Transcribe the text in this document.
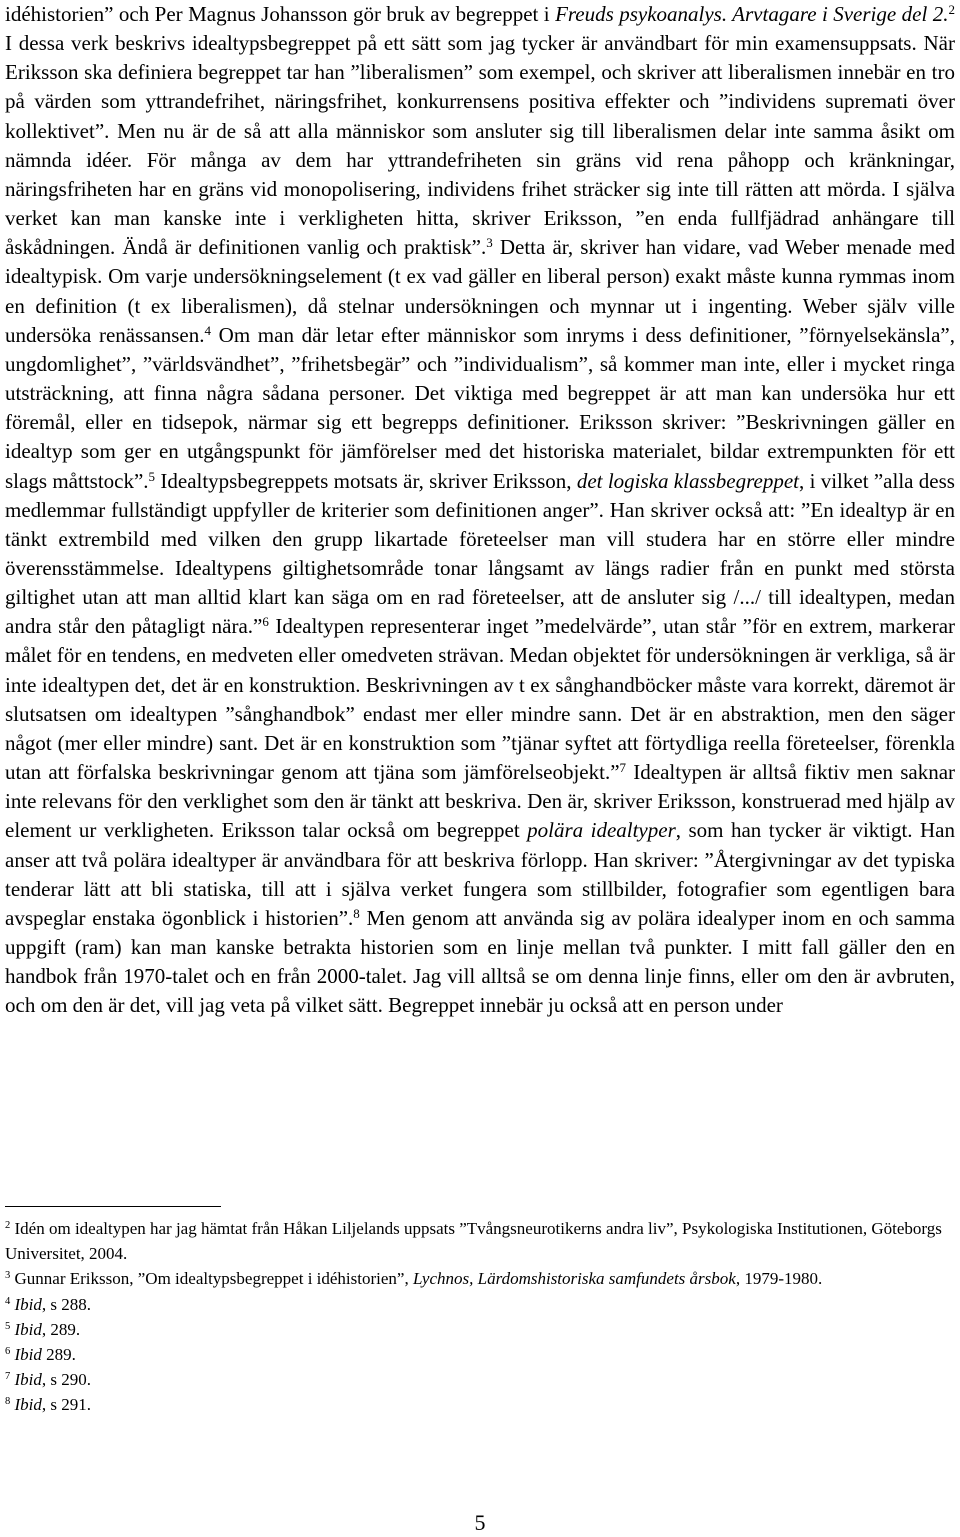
idéhistorien” och Per Magnus Johansson gör bruk av begreppet i Freuds psykoanalys. Arvtagare i Sverige del 2.$^2$ I dessa verk beskrivs idealtypsbegreppet på ett sätt som jag tycker är användbart för min examensuppsats. När Eriksson ska definiera begreppet tar han ”liberalismen” som exempel, och skriver att liberalismen innebär en tro på värden som yttrandefrihet, näringsfrihet, konkurrensens positiva effekter och ”individens suprematі över kollektivet”. Men nu är de så att alla människor som ansluter sig till liberalismen delar inte samma åsikt om nämnda idéer. För många av dem har yttrandefriheten sin gräns vid rena påhopp och kränkningar, näringsfriheten har en gräns vid monopolisering, individens frihet sträcker sig inte till rätten att mörda. I själva verket kan man kanske inte i verkligheten hitta, skriver Eriksson, ”en enda fullfjädrad anhängare till åskådningen. Ändå är definitionen vanlig och praktisk”.$^3$ Detta är, skriver han vidare, vad Weber menade med idealtypisk. Om varje undersökningselement (t ex vad gäller en liberal person) exakt måste kunna rymmas inom en definition (t ex liberalismen), då stelnar undersökningen och mynnar ut i ingenting. Weber själv ville undersöka renässansen.$^4$ Om man där letar efter människor som inryms i dess definitioner, ”förnyelsekänsla”, ungdomlighet”, ”världsvändhet”, ”frihetsbegär” och ”individualism”, så kommer man inte, eller i mycket ringa utsträckning, att finna några sådana personer. Det viktiga med begreppet är att man kan undersöka hur ett föremål, eller en tidsepok, närmar sig ett begrepps definitioner. Eriksson skriver: ”Beskrivningen gäller en idealtyp som ger en utgångspunkt för jämförelser med det historiska materialet, bildar extrempunkten för ett slags måttstock”.$^5$ Idealtypsbegreppets motsats är, skriver Eriksson, det logiska klassbegreppet, i vilket ”alla dess medlemmar fullständigt uppfyller de kriterier som definitionen anger”. Han skriver också att: ”En idealtyp är en tänkt extrembild med vilken den grupp likartade företeelser man vill studera har en större eller mindre överensstämmelse. Idealtypens giltighetsområde tonar långsamt av längs radier från en punkt med största giltighet utan att man alltid klart kan säga om en rad företeelser, att de ansluter sig /.../ till idealtypen, medan andra står den påtagligt nära.”$^6$ Idealtypen representerar inget ”medelvärde”, utan står ”för en extrem, markerar målet för en tendens, en medveten eller omedveten strävan. Medan objektet för undersökningen är verkliga, så är inte idealtypen det, det är en konstruktion. Beskrivningen av t ex sånghandböcker måste vara korrekt, däremot är slutsatsen om idealtypen ”sånghandbok” endast mer eller mindre sann. Det är en abstraktion, men den säger något (mer eller mindre) sant. Det är en konstruktion som ”tjänar syftet att förtydliga reella företeelser, förenkla utan att förfalska beskrivningar genom att tjäna som jämförelseobjekt.”$^7$ Idealtypen är alltså fiktiv men saknar inte relevans för den verklighet som den är tänkt att beskriva. Den är, skriver Eriksson, konstruerad med hjälp av element ur verkligheten. Eriksson talar också om begreppet polära idealtyper, som han tycker är viktigt. Han anser att två polära idealtyper är användbara för att beskriva förlopp. Han skriver: ”Återgivningar av det typiska tenderar lätt att bli statiska, till att i själva verket fungera som stillbilder, fotografier som egentligen bara avspeglar enstaka ögonblick i historien”.$^8$ Men genom att använda sig av polära idealyper inom en och samma uppgift (ram) kan man kanske betrakta historien som en linje mellan två punkter. I mitt fall gäller den en handbok från 1970-talet och en från 2000-talet. Jag vill alltså se om denna linje finns, eller om den är avbruten, och om den är det, vill jag veta på vilket sätt. Begreppet innebär ju också att en person under

$^2$ Idén om idealtypen har jag hämtat från Håkan Liljelands uppsats ”Tvångsneurotikerns andra liv”, Psykologiska Institutionen, Göteborgs Universitet, 2004.

$^3$ Gunnar Eriksson, ”Om idealtypsbegreppet i idéhistorien”, Lychnos, Lärdomshistoriska samfundets årsbok, 1979-1980.

$^4$ Ibid, s 288.

$^5$ Ibid, 289.

$^6$ Ibid 289.

$^7$ Ibid, s 290.

$^8$ Ibid, s 291.

5
